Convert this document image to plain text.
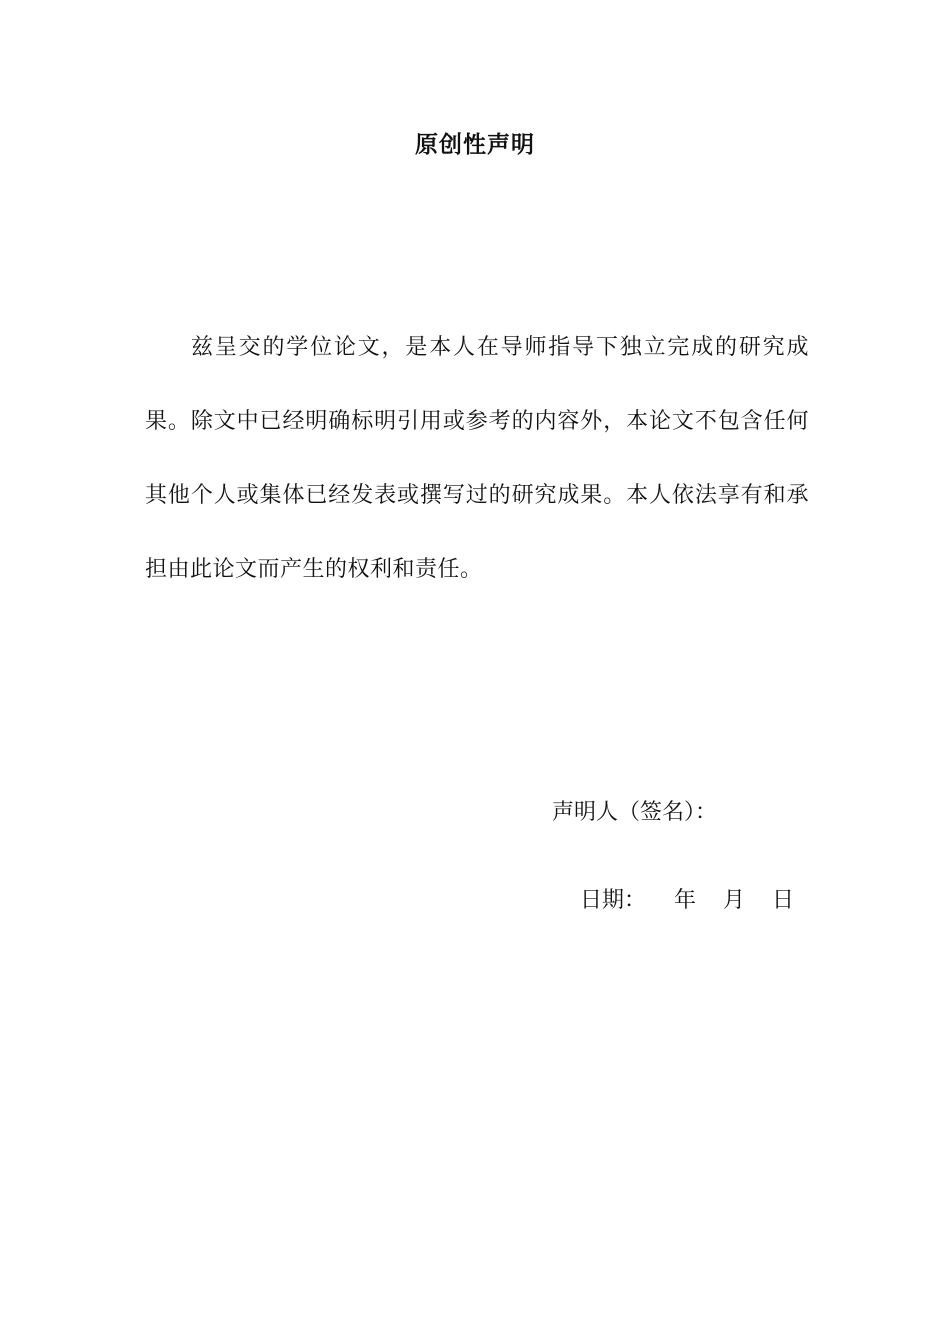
原创性声明
兹呈交的学位论文，是本人在导师指导下独立完成的研究成果。除文中已经明确标明引用或参考的内容外，本论文不包含任何其他个人或集体已经发表或撰写过的研究成果。本人依法享有和承担由此论文而产生的权利和责任。
声明人（签名）：

日期： 年 月 日
